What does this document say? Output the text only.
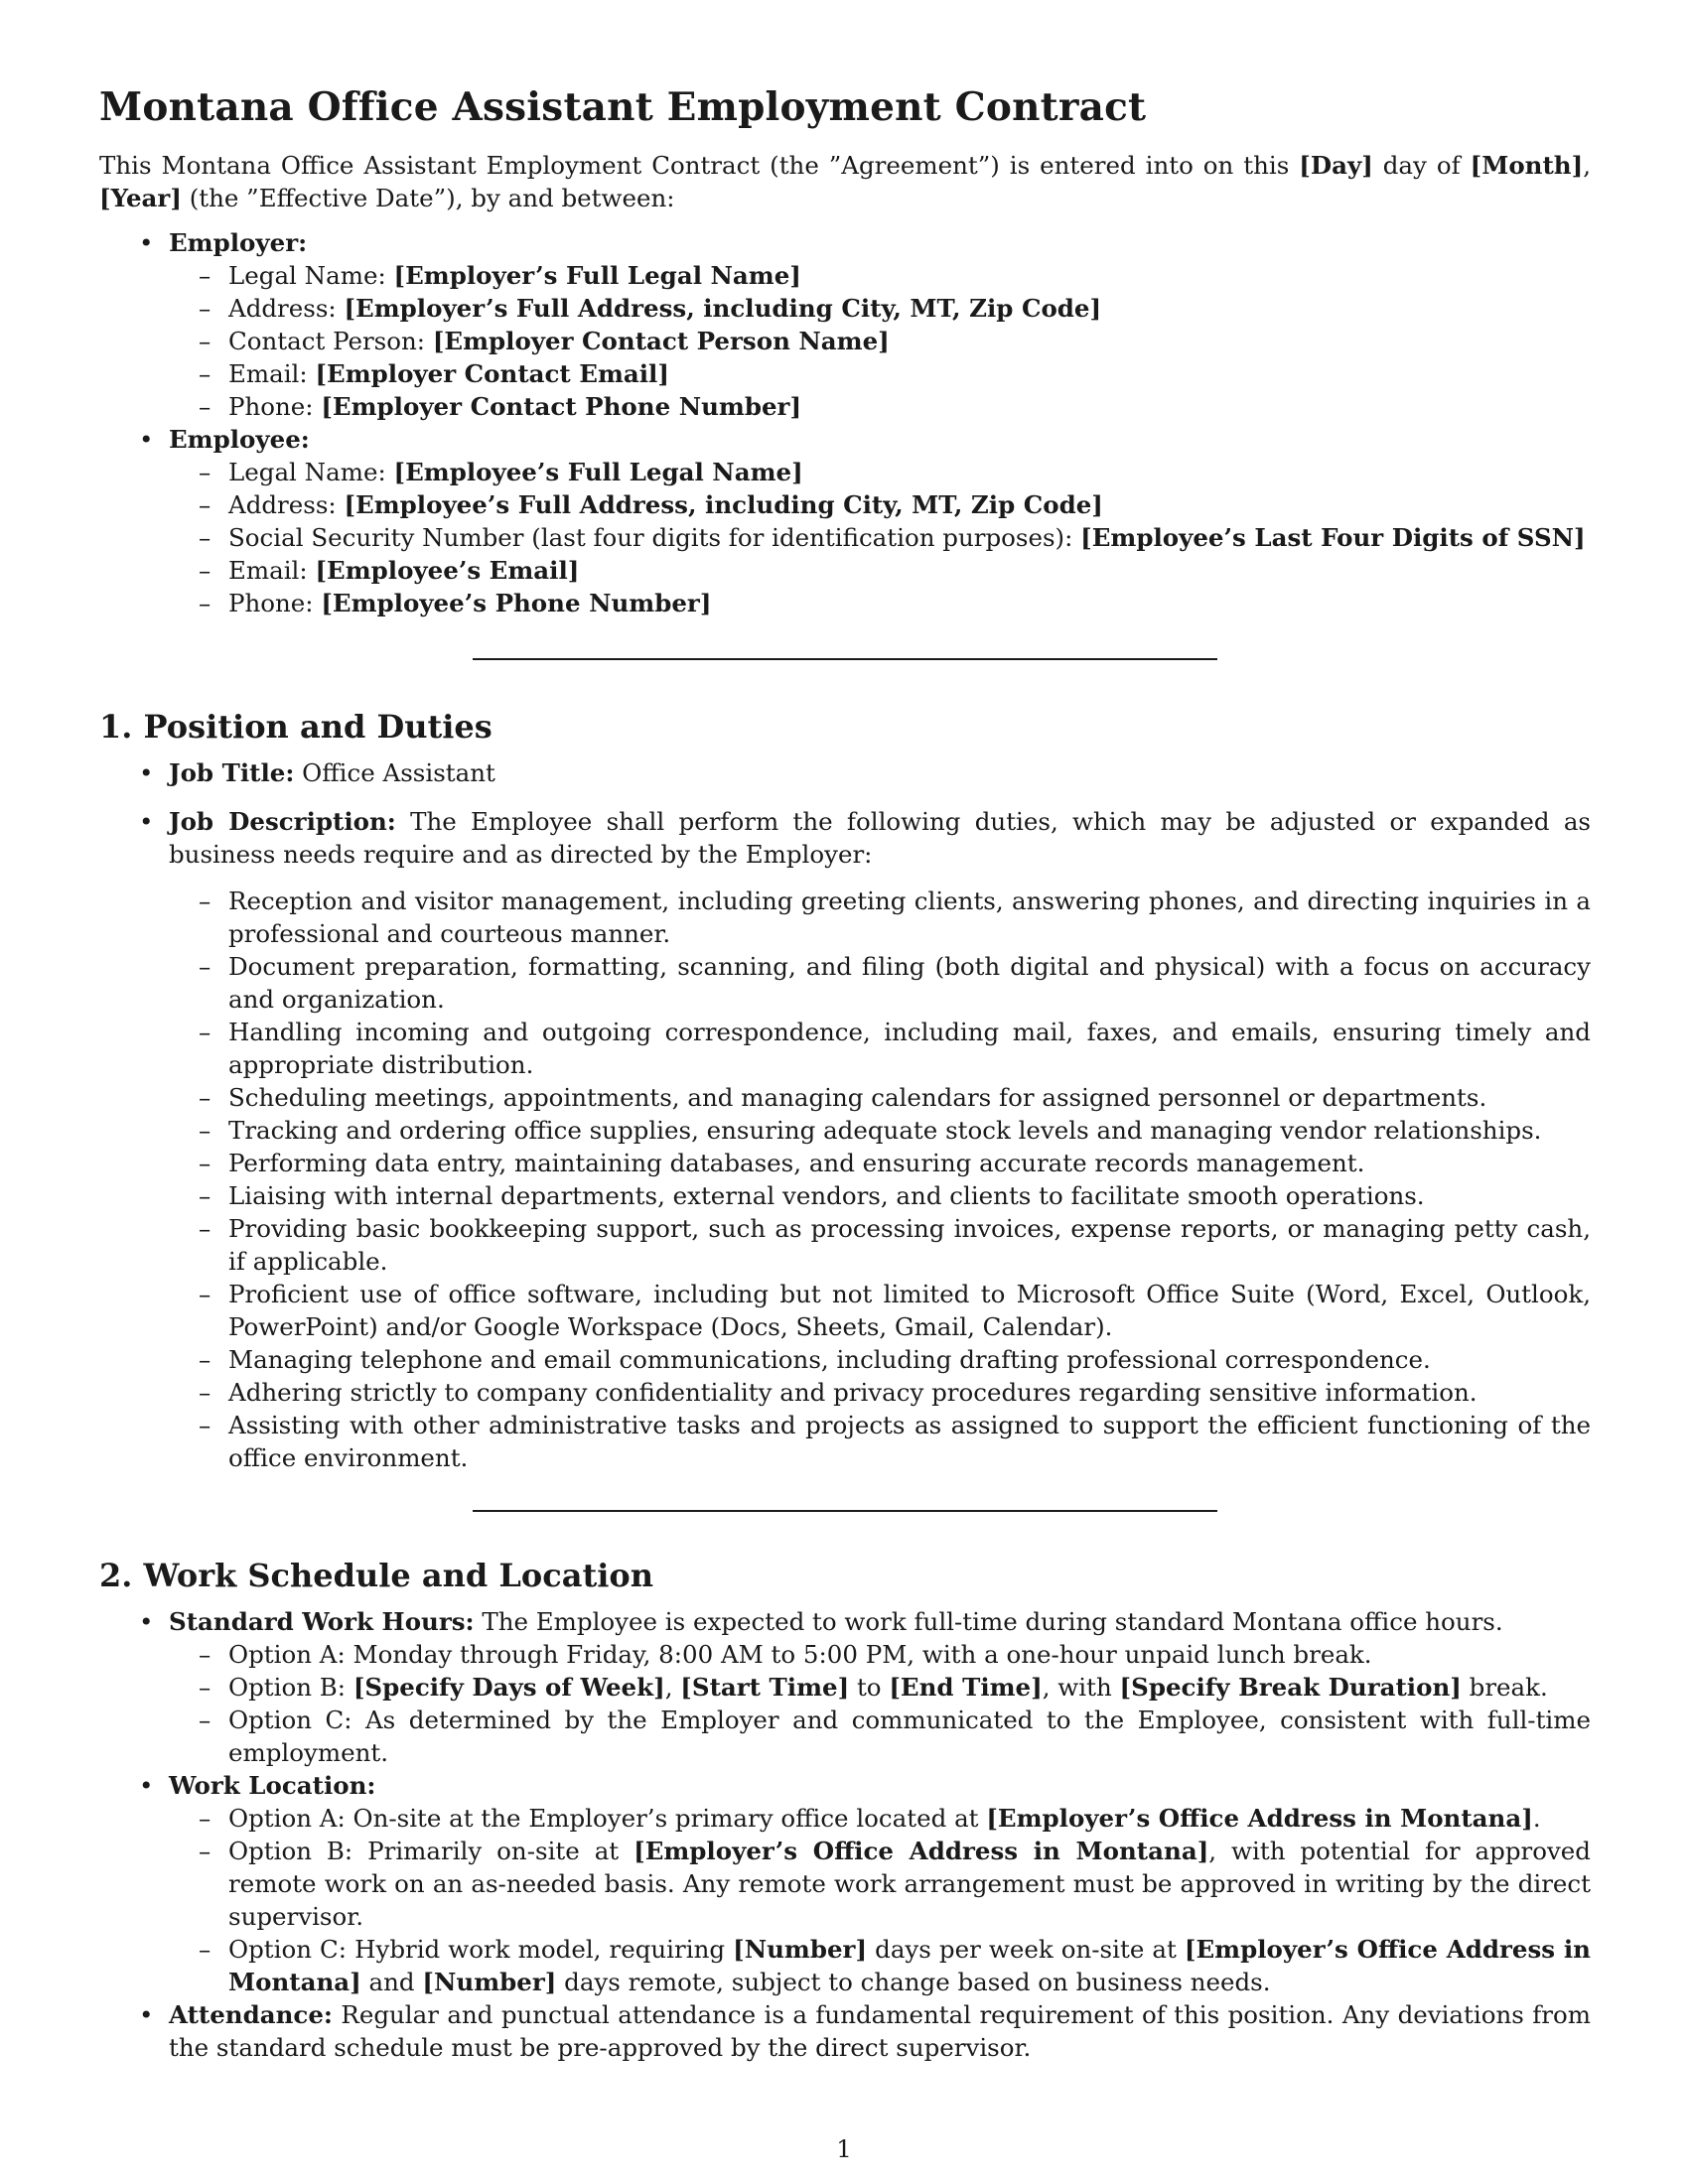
Montana Office Assistant Employment Contract

This Montana Office Assistant Employment Contract (the ”Agreement”) is entered into on this [Day] day of [Month], [Year] (the ”Effective Date”), by and between:

• Employer:
– Legal Name: [Employer’s Full Legal Name]
– Address: [Employer’s Full Address, including City, MT, Zip Code]
– Contact Person: [Employer Contact Person Name]
– Email: [Employer Contact Email]
– Phone: [Employer Contact Phone Number]
• Employee:
– Legal Name: [Employee’s Full Legal Name]
– Address: [Employee’s Full Address, including City, MT, Zip Code]
– Social Security Number (last four digits for identification purposes): [Employee’s Last Four Digits of SSN]
– Email: [Employee’s Email]
– Phone: [Employee’s Phone Number]
1. Position and Duties
• Job Title: Office Assistant
• Job Description: The Employee shall perform the following duties, which may be adjusted or expanded as business needs require and as directed by the Employer:
– Reception and visitor management, including greeting clients, answering phones, and directing inquiries in a professional and courteous manner.
– Document preparation, formatting, scanning, and filing (both digital and physical) with a focus on accuracy and organization.
– Handling incoming and outgoing correspondence, including mail, faxes, and emails, ensuring timely and appropriate distribution.
– Scheduling meetings, appointments, and managing calendars for assigned personnel or departments.
– Tracking and ordering office supplies, ensuring adequate stock levels and managing vendor relationships.
– Performing data entry, maintaining databases, and ensuring accurate records management.
– Liaising with internal departments, external vendors, and clients to facilitate smooth operations.
– Providing basic bookkeeping support, such as processing invoices, expense reports, or managing petty cash, if applicable.
– Proficient use of office software, including but not limited to Microsoft Office Suite (Word, Excel, Outlook, PowerPoint) and/or Google Workspace (Docs, Sheets, Gmail, Calendar).
– Managing telephone and email communications, including drafting professional correspondence.
– Adhering strictly to company confidentiality and privacy procedures regarding sensitive information.
– Assisting with other administrative tasks and projects as assigned to support the efficient functioning of the office environment.
2. Work Schedule and Location
• Standard Work Hours: The Employee is expected to work full-time during standard Montana office hours.
– Option A: Monday through Friday, 8:00 AM to 5:00 PM, with a one-hour unpaid lunch break.
– Option B: [Specify Days of Week], [Start Time] to [End Time], with [Specify Break Duration] break.
– Option C: As determined by the Employer and communicated to the Employee, consistent with full-time employment.
• Work Location:
– Option A: On-site at the Employer’s primary office located at [Employer’s Office Address in Montana].
– Option B: Primarily on-site at [Employer’s Office Address in Montana], with potential for approved remote work on an as-needed basis. Any remote work arrangement must be approved in writing by the direct supervisor.
– Option C: Hybrid work model, requiring [Number] days per week on-site at [Employer’s Office Address in Montana] and [Number] days remote, subject to change based on business needs.
• Attendance: Regular and punctual attendance is a fundamental requirement of this position. Any deviations from the standard schedule must be pre-approved by the direct supervisor.
1
